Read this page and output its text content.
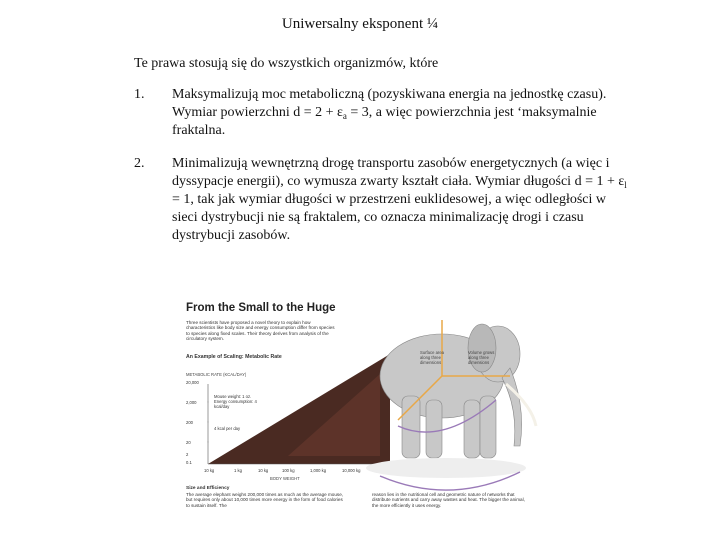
Uniwersalny eksponent ¼
Te prawa stosują się do wszystkich organizmów, które
1. Maksymalizują moc metaboliczną (pozyskiwana energia na jednostkę czasu). Wymiar powierzchni $d = 2 + \varepsilon_a = 3$, a więc powierzchnia jest ‘maksymalnie fraktalna.
2. Minimalizują wewnętrzną drogę transportu zasobów energetycznych (a więc i dyssypacje energii), co wymusza zwarty kształt ciała. Wymiar długości $d = 1 + \varepsilon_l = 1$, tak jak wymiar długości w przestrzeni euklidesowej, a więc odległości w sieci dystrybucji nie są fraktalem, co oznacza minimalizację drogi i czasu dystrybucji zasobów.
From the Small to the Huge
Three scientists have proposed a novel theory to explain how characteristics like body size and energy consumption differ from species to species along fixed scales. Their theory derives from analysis of the circulatory system.
An Example of Scaling: Metabolic Rate
METABOLIC RATE (KCAL/DAY)
20,000
2,000
200
20
2
0.1
10 kg	1 kg	10 kg	100 kg	1,000 kg	10,000 kg
BODY WEIGHT
Mouse weight: 1 oz. Energy consumption: 4 kcal/day
4 kcal per day
Surface area along three dimensions
Volume grows along three dimensions
Size and Efficiency
The average elephant weighs 200,000 times as much as the average mouse, but requires only about 10,000 times more energy in the form of food calories to sustain itself. The
reason lies in the nutritional cell and geometric nature of networks that distribute nutrients and carry away wastes and heat. The bigger the animal, the more efficiently it uses energy.
